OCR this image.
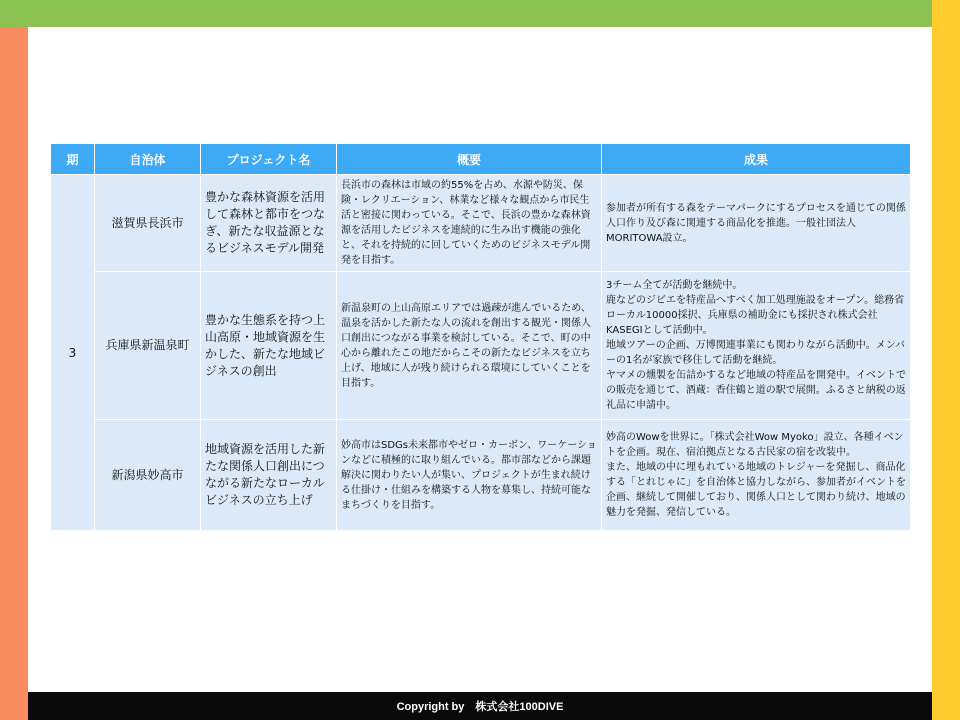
期	自治体	プロジェクト名	概要	成果
3	滋賀県長浜市	豊かな森林資源を活用して森林と都市をつなぎ、新たな収益源となるビジネスモデル開発	長浜市の森林は市域の約55%を占め、水源や防災、保険・レクリエーション、林業など様々な観点から市民生活と密接に関わっている。そこで、長浜の豊かな森林資源を活用したビジネスを連続的に生み出す機能の強化と、それを持続的に回していくためのビジネスモデル開発を目指す。	参加者が所有する森をテーマパークにするプロセスを通じての関係人口作り及び森に関連する商品化を推進。一般社団法人MORITOWA設立。
	兵庫県新温泉町	豊かな生態系を持つ上山高原・地域資源を生かした、新たな地域ビジネスの創出	新温泉町の上山高原エリアでは過疎が進んでいるため、温泉を活かした新たな人の流れを創出する観光・関係人口創出につながる事業を検討している。そこで、町の中心から離れたこの地だからこその新たなビジネスを立ち上げ、地域に人が残り続けられる環境にしていくことを目指す。	3チーム全てが活動を継続中。
鹿などのジビエを特産品へすべく加工処理施設をオープン。総務省ローカル10000採択、兵庫県の補助金にも採択され株式会社KASEGIとして活動中。
地域ツアーの企画、万博関連事業にも関わりながら活動中。メンバーの1名が家族で移住して活動を継続。
ヤマメの燻製を缶詰かするなど地域の特産品を開発中。イベントでの販売を通じて、酒蔵：香住鶴と道の駅で展開。ふるさと納税の返礼品に申請中。
	新潟県妙高市	地域資源を活用した新たな関係人口創出につながる新たなローカルビジネスの立ち上げ	妙高市はSDGs未来都市やゼロ・カーボン、ワーケーションなどに積極的に取り組んでいる。都市部などから課題解決に関わりたい人が集い、プロジェクトが生まれ続ける仕掛け・仕組みを構築する人物を募集し、持続可能なまちづくりを目指す。	妙高のWowを世界に。「株式会社Wow Myoko」設立、各種イベントを企画。現在、宿泊拠点となる古民家の宿を改装中。
また、地域の中に埋もれている地域のトレジャーを発掘し、商品化する「とれじゃに」を自治体と協力しながら、参加者がイベントを企画、継続して開催しており、関係人口として関わり続け、地域の魅力を発掘、発信している。
Copyright by　株式会社100DIVE
